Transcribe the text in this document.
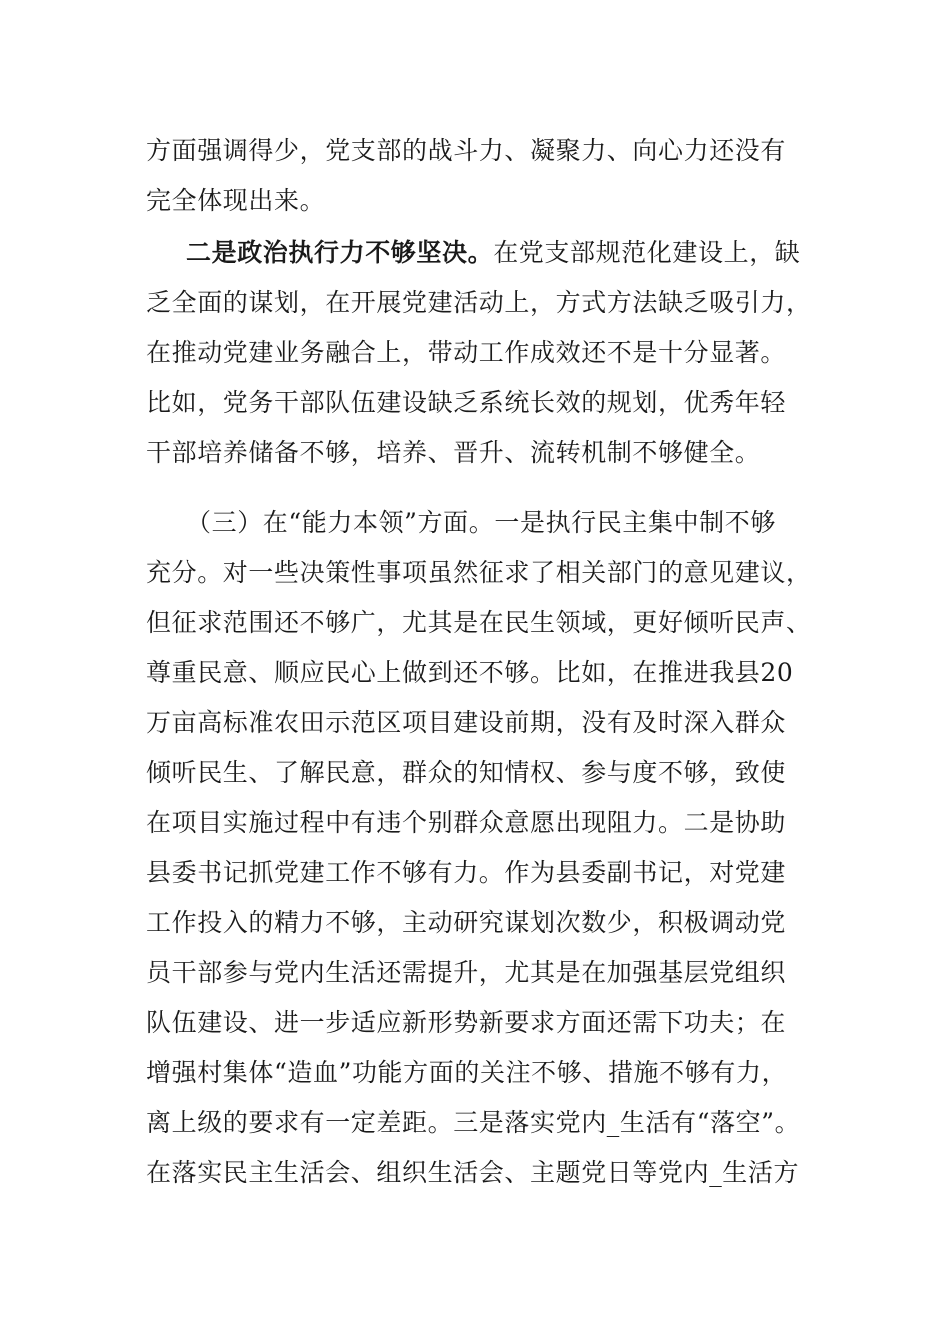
方面强调得少，党支部的战斗力、凝聚力、向心力还没有
完全体现出来。
二是政治执行力不够坚决。在党支部规范化建设上，缺
乏全面的谋划，在开展党建活动上，方式方法缺乏吸引力，
在推动党建业务融合上，带动工作成效还不是十分显著。
比如，党务干部队伍建设缺乏系统长效的规划，优秀年轻
干部培养储备不够，培养、晋升、流转机制不够健全。
（三）在“能力本领”方面。一是执行民主集中制不够
充分。对一些决策性事项虽然征求了相关部门的意见建议，
但征求范围还不够广，尤其是在民生领域，更好倾听民声、
尊重民意、顺应民心上做到还不够。比如，在推进我县20
万亩高标准农田示范区项目建设前期，没有及时深入群众
倾听民生、了解民意，群众的知情权、参与度不够，致使
在项目实施过程中有违个别群众意愿出现阻力。二是协助
县委书记抓党建工作不够有力。作为县委副书记，对党建
工作投入的精力不够，主动研究谋划次数少，积极调动党
员干部参与党内生活还需提升，尤其是在加强基层党组织
队伍建设、进一步适应新形势新要求方面还需下功夫；在
增强村集体“造血”功能方面的关注不够、措施不够有力，
离上级的要求有一定差距。三是落实党内_生活有“落空”。
在落实民主生活会、组织生活会、主题党日等党内_生活方
